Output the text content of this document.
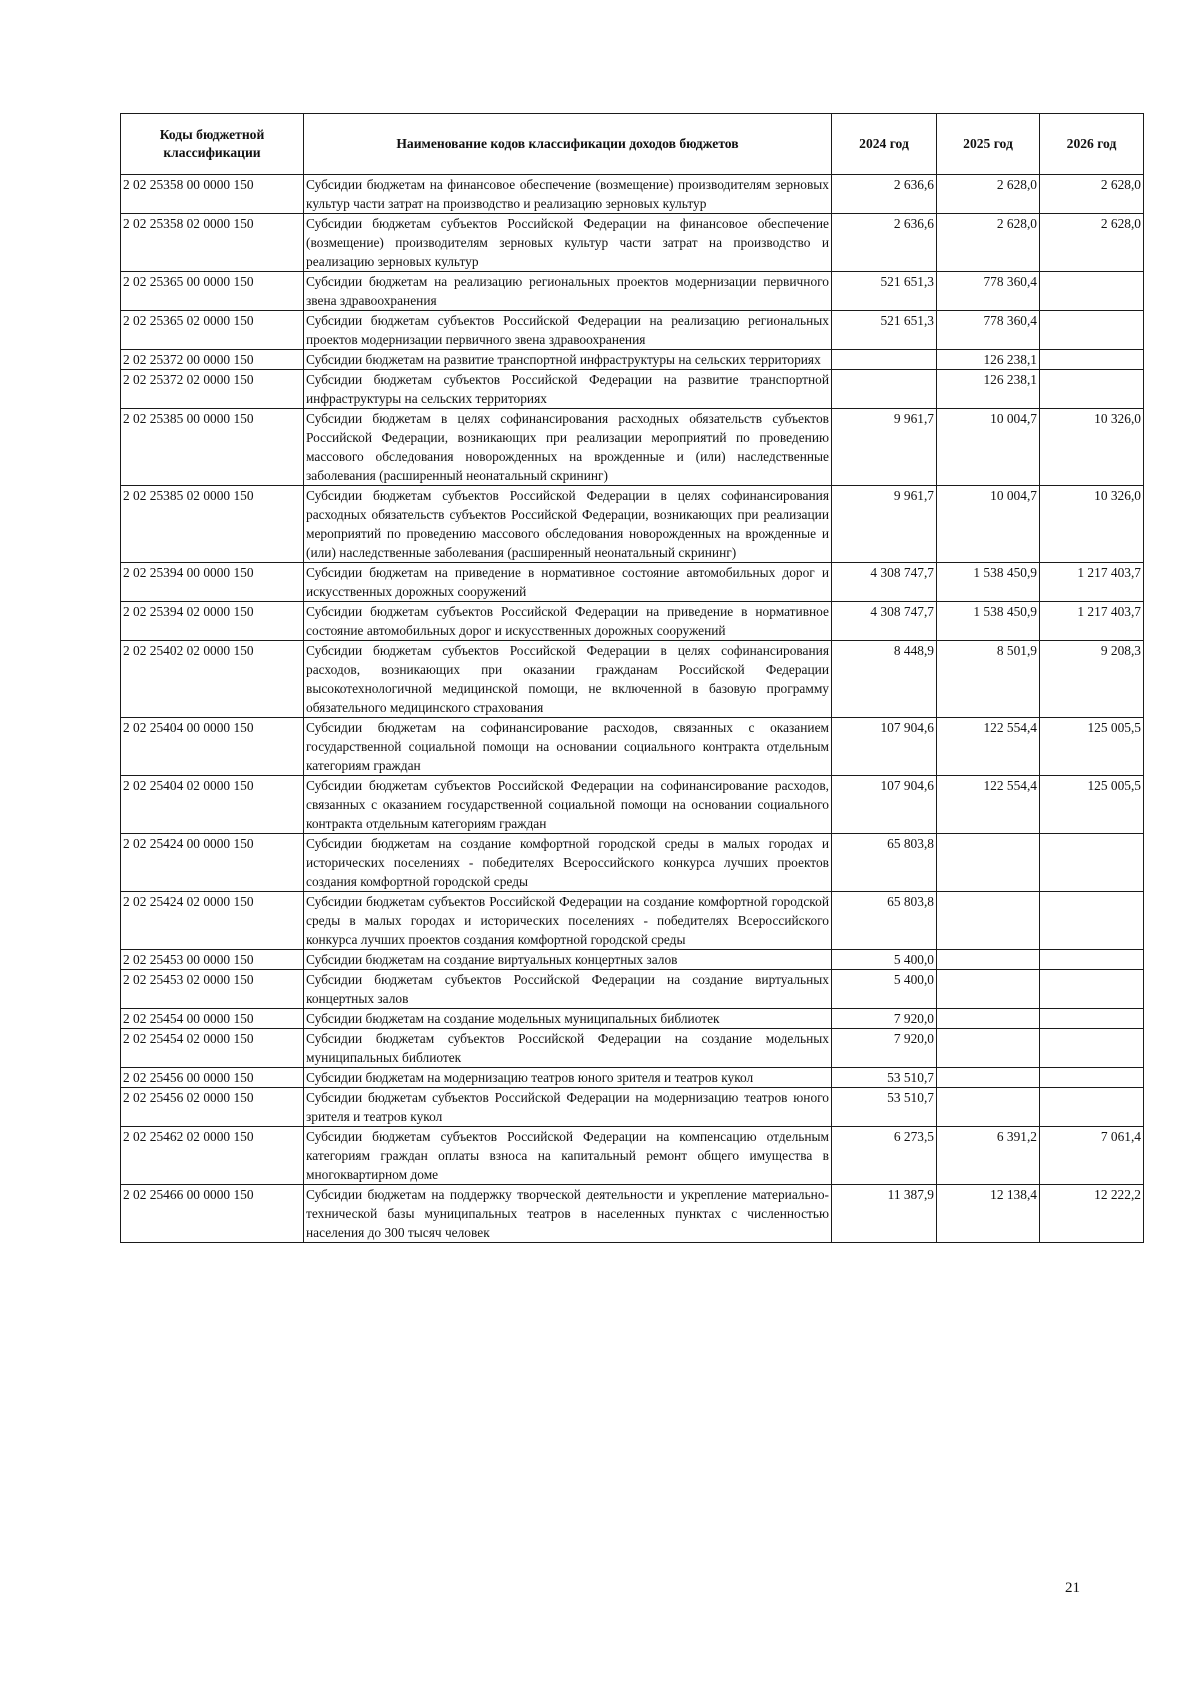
Коды бюджетной классификации	Наименование кодов классификации доходов бюджетов	2024 год	2025 год	2026 год
2 02 25358 00 0000 150	Субсидии бюджетам на финансовое обеспечение (возмещение) производителям зерновых культур части затрат на производство и реализацию зерновых культур	2 636,6	2 628,0	2 628,0
2 02 25358 02 0000 150	Субсидии бюджетам субъектов Российской Федерации на финансовое обеспечение (возмещение) производителям зерновых культур части затрат на производство и реализацию зерновых культур	2 636,6	2 628,0	2 628,0
2 02 25365 00 0000 150	Субсидии бюджетам на реализацию региональных проектов модернизации первичного звена здравоохранения	521 651,3	778 360,4	
2 02 25365 02 0000 150	Субсидии бюджетам субъектов Российской Федерации на реализацию региональных проектов модернизации первичного звена здравоохранения	521 651,3	778 360,4	
2 02 25372 00 0000 150	Субсидии бюджетам на развитие транспортной инфраструктуры на сельских территориях		126 238,1	
2 02 25372 02 0000 150	Субсидии бюджетам субъектов Российской Федерации на развитие транспортной инфраструктуры на сельских территориях		126 238,1	
2 02 25385 00 0000 150	Субсидии бюджетам в целях софинансирования расходных обязательств субъектов Российской Федерации, возникающих при реализации мероприятий по проведению массового обследования новорожденных на врожденные и (или) наследственные заболевания (расширенный неонатальный скрининг)	9 961,7	10 004,7	10 326,0
2 02 25385 02 0000 150	Субсидии бюджетам субъектов Российской Федерации в целях софинансирования расходных обязательств субъектов Российской Федерации, возникающих при реализации мероприятий по проведению массового обследования новорожденных на врожденные и (или) наследственные заболевания (расширенный неонатальный скрининг)	9 961,7	10 004,7	10 326,0
2 02 25394 00 0000 150	Субсидии бюджетам на приведение в нормативное состояние автомобильных дорог и искусственных дорожных сооружений	4 308 747,7	1 538 450,9	1 217 403,7
2 02 25394 02 0000 150	Субсидии бюджетам субъектов Российской Федерации на приведение в нормативное состояние автомобильных дорог и искусственных дорожных сооружений	4 308 747,7	1 538 450,9	1 217 403,7
2 02 25402 02 0000 150	Субсидии бюджетам субъектов Российской Федерации в целях софинансирования расходов, возникающих при оказании гражданам Российской Федерации высокотехнологичной медицинской помощи, не включенной в базовую программу обязательного медицинского страхования	8 448,9	8 501,9	9 208,3
2 02 25404 00 0000 150	Субсидии бюджетам на софинансирование расходов, связанных с оказанием государственной социальной помощи на основании социального контракта отдельным категориям граждан	107 904,6	122 554,4	125 005,5
2 02 25404 02 0000 150	Субсидии бюджетам субъектов Российской Федерации на софинансирование расходов, связанных с оказанием государственной социальной помощи на основании социального контракта отдельным категориям граждан	107 904,6	122 554,4	125 005,5
2 02 25424 00 0000 150	Субсидии бюджетам на создание комфортной городской среды в малых городах и исторических поселениях - победителях Всероссийского конкурса лучших проектов создания комфортной городской среды	65 803,8		
2 02 25424 02 0000 150	Субсидии бюджетам субъектов Российской Федерации на создание комфортной городской среды в малых городах и исторических поселениях - победителях Всероссийского конкурса лучших проектов создания комфортной городской среды	65 803,8		
2 02 25453 00 0000 150	Субсидии бюджетам на создание виртуальных концертных залов	5 400,0		
2 02 25453 02 0000 150	Субсидии бюджетам субъектов Российской Федерации на создание виртуальных концертных залов	5 400,0		
2 02 25454 00 0000 150	Субсидии бюджетам на создание модельных муниципальных библиотек	7 920,0		
2 02 25454 02 0000 150	Субсидии бюджетам субъектов Российской Федерации на создание модельных муниципальных библиотек	7 920,0		
2 02 25456 00 0000 150	Субсидии бюджетам на модернизацию театров юного зрителя и театров кукол	53 510,7		
2 02 25456 02 0000 150	Субсидии бюджетам субъектов Российской Федерации на модернизацию театров юного зрителя и театров кукол	53 510,7		
2 02 25462 02 0000 150	Субсидии бюджетам субъектов Российской Федерации на компенсацию отдельным категориям граждан оплаты взноса на капитальный ремонт общего имущества в многоквартирном доме	6 273,5	6 391,2	7 061,4
2 02 25466 00 0000 150	Субсидии бюджетам на поддержку творческой деятельности и укрепление материально-технической базы муниципальных театров в населенных пунктах с численностью населения до 300 тысяч человек	11 387,9	12 138,4	12 222,2
21
